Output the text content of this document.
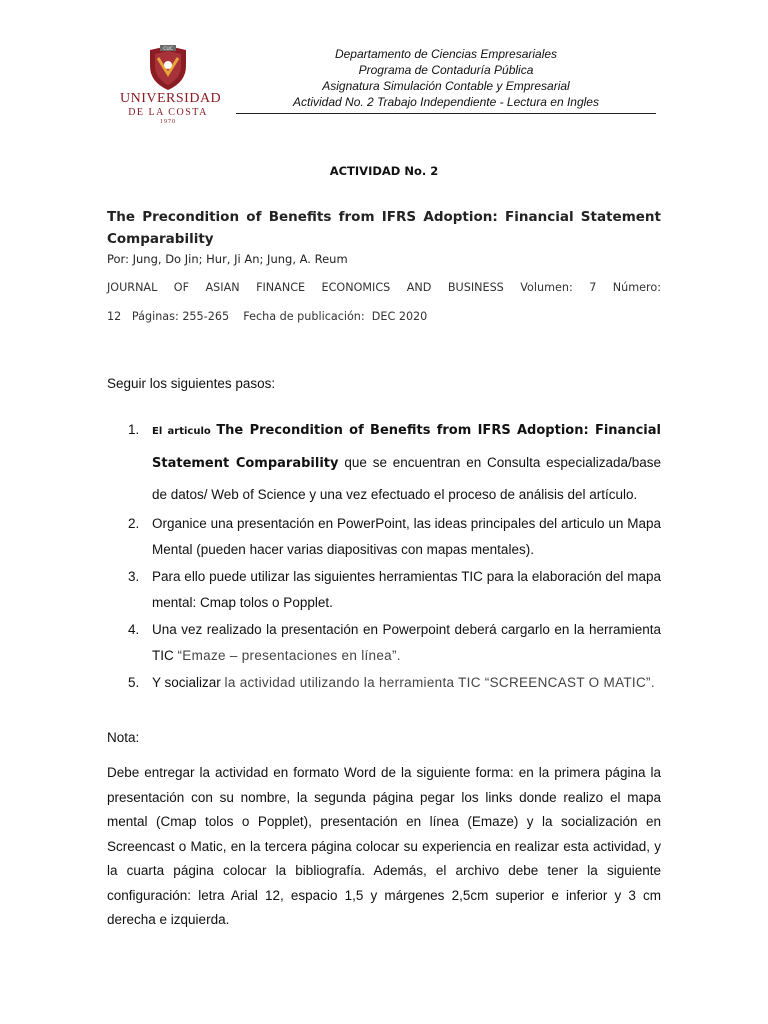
CUC
UNIVERSIDAD
DE LA COSTA
1970
Departamento de Ciencias Empresariales
Programa de Contaduría Pública
Asignatura Simulación Contable y Empresarial
Actividad No. 2 Trabajo Independiente - Lectura en Ingles
ACTIVIDAD No. 2
The Precondition of Benefits from IFRS Adoption: Financial Statement Comparability
Por: Jung, Do Jin; Hur, Ji An; Jung, A. Reum
JOURNAL OF ASIAN FINANCE ECONOMICS AND BUSINESS Volumen: 7 Número:
12   Páginas: 255-265    Fecha de publicación:  DEC 2020
Seguir los siguientes pasos:
1. El articulo The Precondition of Benefits from IFRS Adoption: Financial Statement Comparability que se encuentran en Consulta especializada/base de datos/ Web of Science y una vez efectuado el proceso de análisis del artículo.
2. Organice una presentación en PowerPoint, las ideas principales del articulo un Mapa Mental (pueden hacer varias diapositivas con mapas mentales).
3. Para ello puede utilizar las siguientes herramientas TIC para la elaboración del mapa mental: Cmap tolos o Popplet.
4. Una vez realizado la presentación en Powerpoint deberá cargarlo en la herramienta TIC “Emaze – presentaciones en línea”.
5. Y socializar la actividad utilizando la herramienta TIC “SCREENCAST O MATIC”.
Nota:
Debe entregar la actividad en formato Word de la siguiente forma: en la primera página la presentación con su nombre, la segunda página pegar los links donde realizo el mapa mental (Cmap tolos o Popplet), presentación en línea (Emaze) y la socialización en Screencast o Matic, en la tercera página colocar su experiencia en realizar esta actividad, y la cuarta página colocar la bibliografía. Además, el archivo debe tener la siguiente configuración: letra Arial 12, espacio 1,5 y márgenes 2,5cm superior e inferior y 3 cm derecha e izquierda.
